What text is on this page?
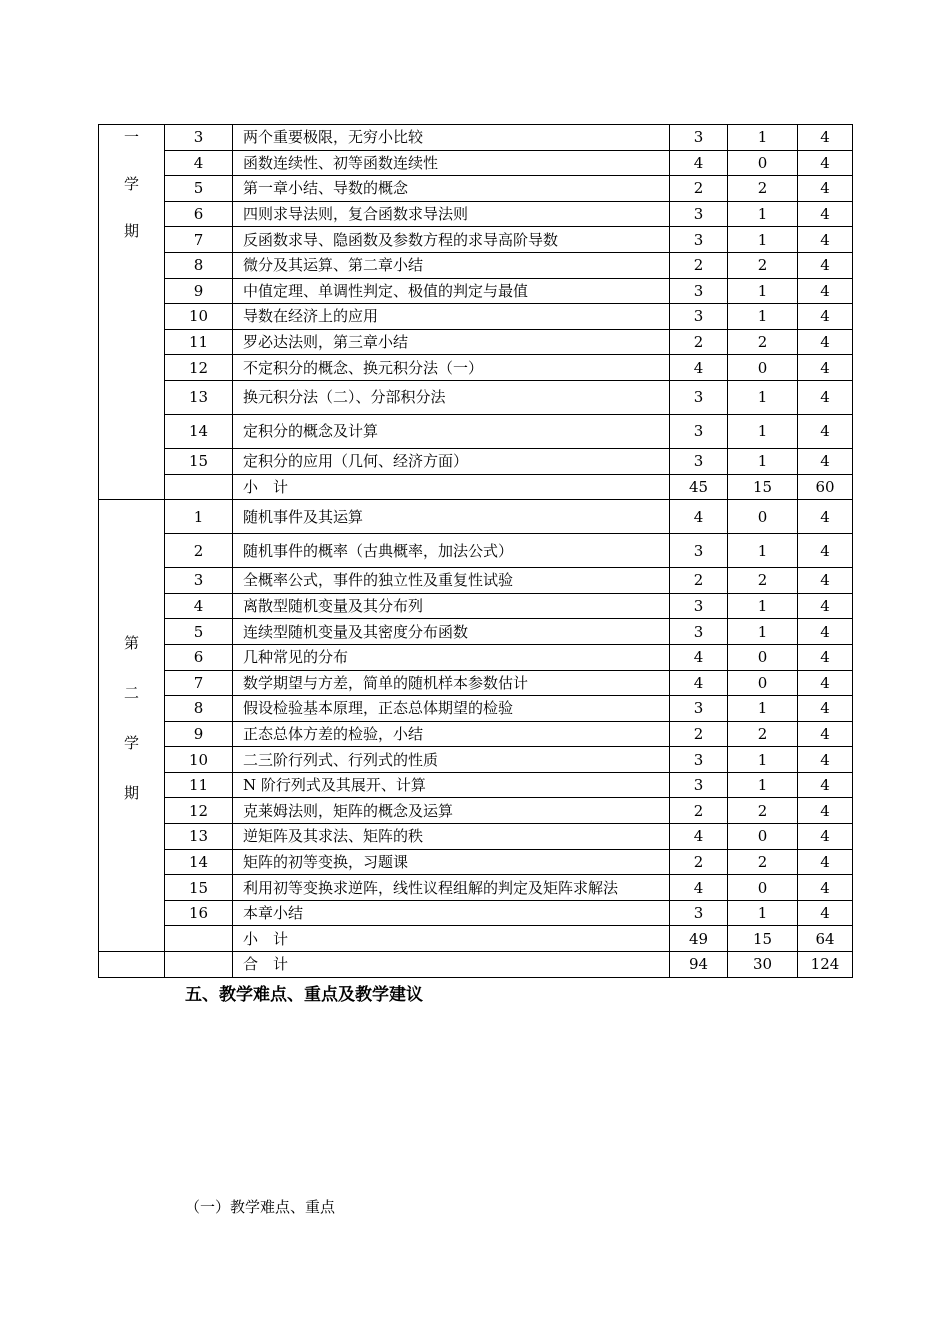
一
学
期	3	两个重要极限，无穷小比较	3	1	4
	4	函数连续性、初等函数连续性	4	0	4
	5	第一章小结、导数的概念	2	2	4
	6	四则求导法则，复合函数求导法则	3	1	4
	7	反函数求导、隐函数及参数方程的求导高阶导数	3	1	4
	8	微分及其运算、第二章小结	2	2	4
	9	中值定理、单调性判定、极值的判定与最值	3	1	4
	10	导数在经济上的应用	3	1	4
	11	罗必达法则，第三章小结	2	2	4
	12	不定积分的概念、换元积分法（一）	4	0	4
	13	换元积分法（二）、分部积分法	3	1	4
	14	定积分的概念及计算	3	1	4
	15	定积分的应用（几何、经济方面）	3	1	4
		小　计	45	15	60

第
二
学
期	1	随机事件及其运算	4	0	4
	2	随机事件的概率（古典概率，加法公式）	3	1	4
	3	全概率公式，事件的独立性及重复性试验	2	2	4
	4	离散型随机变量及其分布列	3	1	4
	5	连续型随机变量及其密度分布函数	3	1	4
	6	几种常见的分布	4	0	4
	7	数学期望与方差，简单的随机样本参数估计	4	0	4
	8	假设检验基本原理，正态总体期望的检验	3	1	4
	9	正态总体方差的检验，小结	2	2	4
	10	二三阶行列式、行列式的性质	3	1	4
	11	N 阶行列式及其展开、计算	3	1	4
	12	克莱姆法则，矩阵的概念及运算	2	2	4
	13	逆矩阵及其求法、矩阵的秩	4	0	4
	14	矩阵的初等变换，习题课	2	2	4
	15	利用初等变换求逆阵，线性议程组解的判定及矩阵求解法	4	0	4
	16	本章小结	3	1	4
		小　计	49	15	64
		合　计	94	30	124
五、教学难点、重点及教学建议
（一）教学难点、重点
